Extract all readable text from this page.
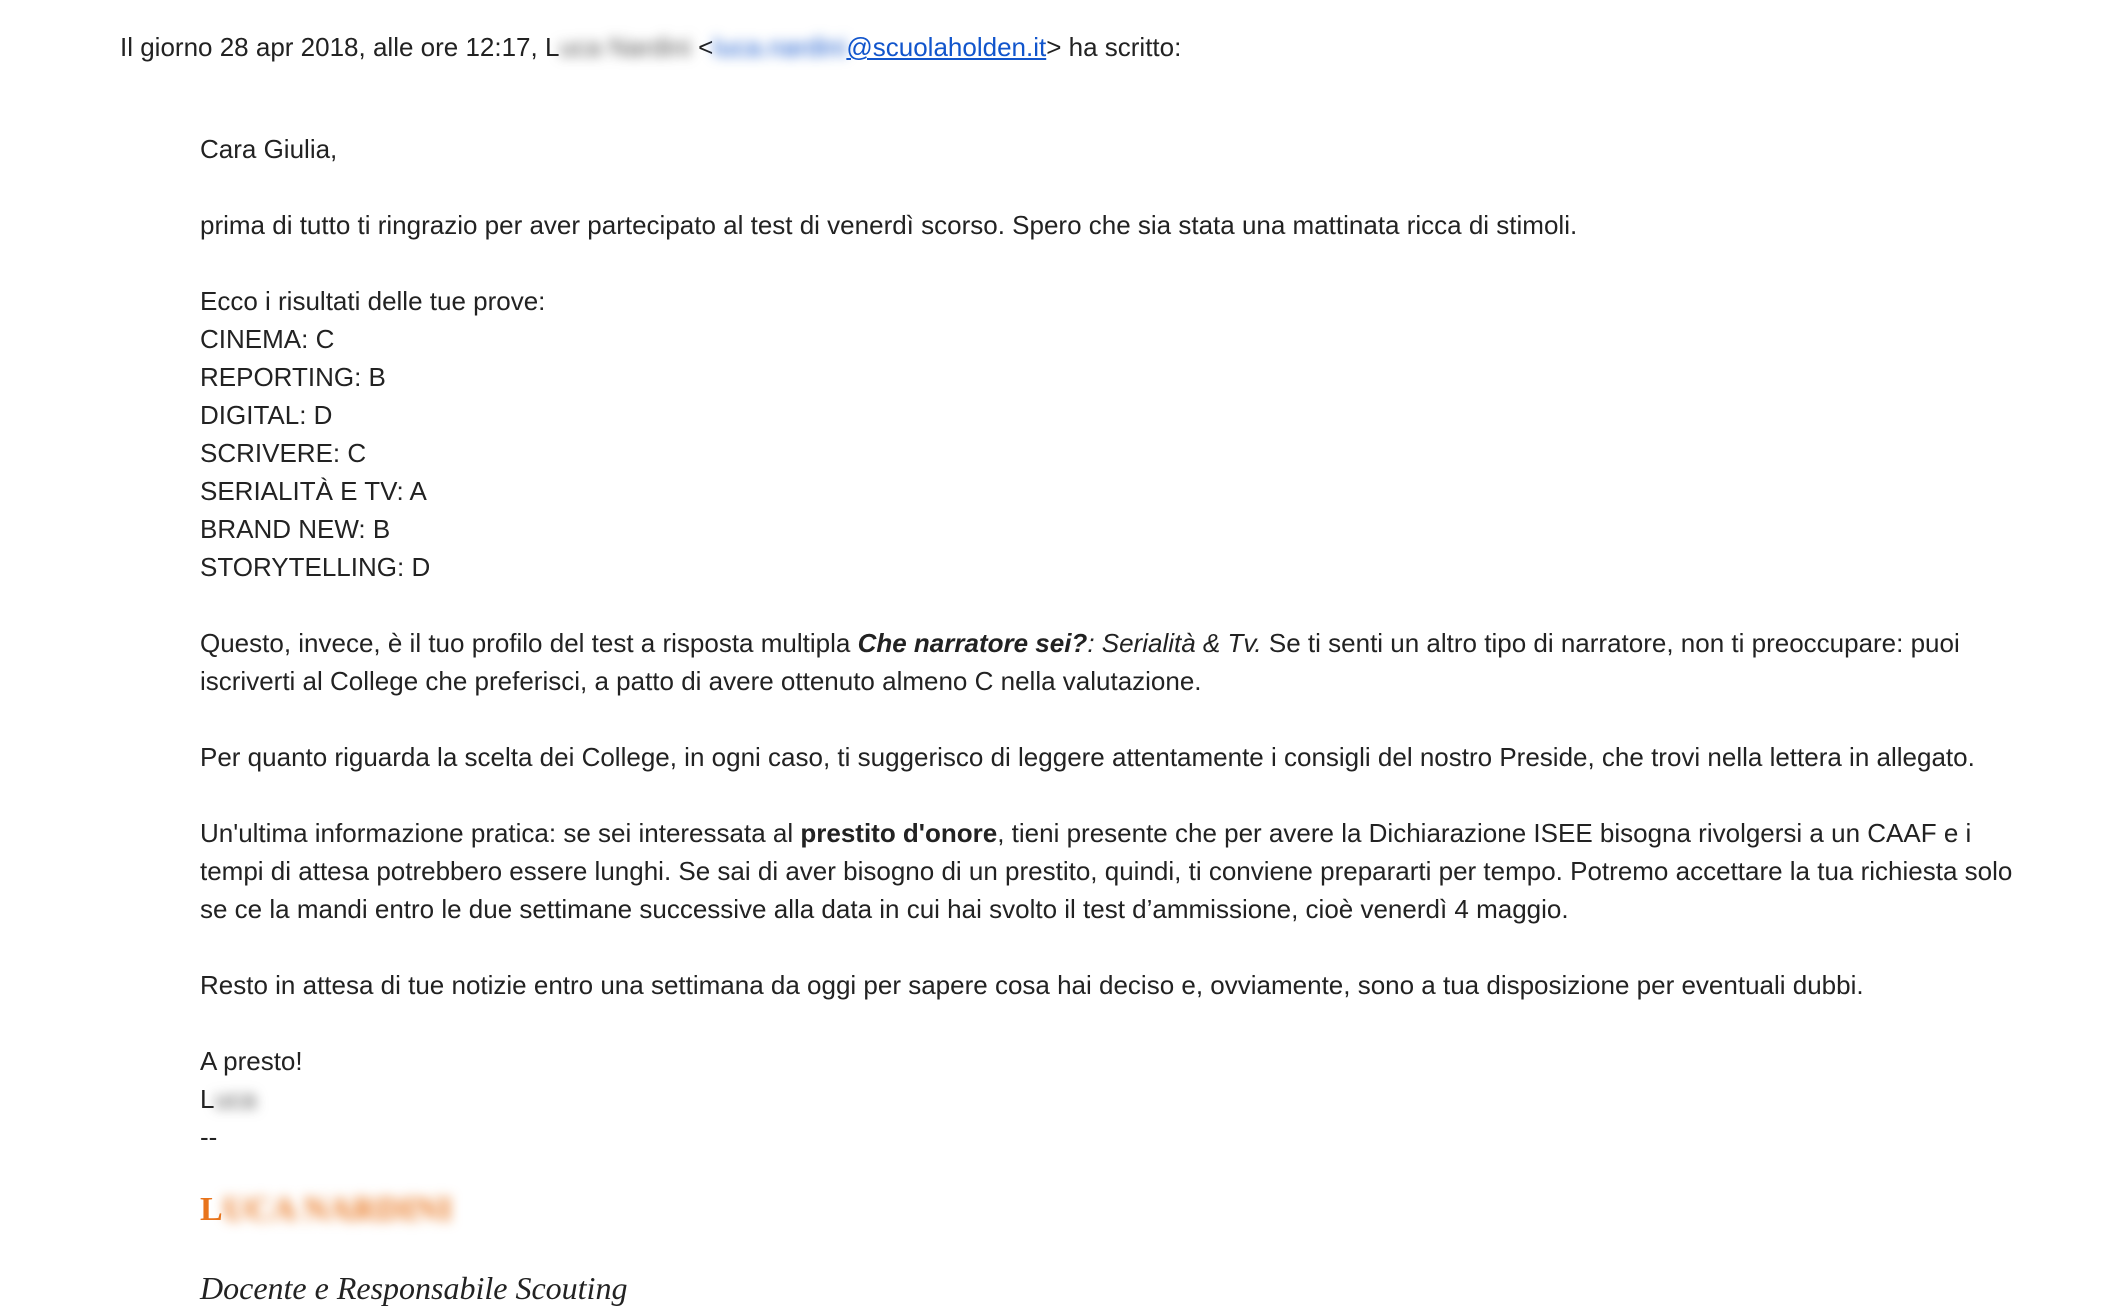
Il giorno 28 apr 2018, alle ore 12:17, Luca Nardini <luca.nardini@scuolaholden.it> ha scritto:

Cara Giulia,

prima di tutto ti ringrazio per aver partecipato al test di venerdì scorso. Spero che sia stata una mattinata ricca di stimoli.

Ecco i risultati delle tue prove:

CINEMA: C
REPORTING: B
DIGITAL: D
SCRIVERE: C
SERIALITÀ E TV: A
BRAND NEW: B
STORYTELLING: D

Questo, invece, è il tuo profilo del test a risposta multipla Che narratore sei?: Serialità & Tv. Se ti senti un altro tipo di narratore, non ti preoccupare: puoi iscriverti al College che preferisci, a patto di avere ottenuto almeno C nella valutazione.

Per quanto riguarda la scelta dei College, in ogni caso, ti suggerisco di leggere attentamente i consigli del nostro Preside, che trovi nella lettera in allegato.

Un'ultima informazione pratica: se sei interessata al prestito d'onore, tieni presente che per avere la Dichiarazione ISEE bisogna rivolgersi a un CAAF e i tempi di attesa potrebbero essere lunghi. Se sai di aver bisogno di un prestito, quindi, ti conviene prepararti per tempo. Potremo accettare la tua richiesta solo se ce la mandi entro le due settimane successive alla data in cui hai svolto il test d’ammissione, cioè venerdì 4 maggio.

Resto in attesa di tue notizie entro una settimana da oggi per sapere cosa hai deciso e, ovviamente, sono a tua disposizione per eventuali dubbi.

A presto!

Luca

--

LUCA NARDINI
Docente e Responsabile Scouting
